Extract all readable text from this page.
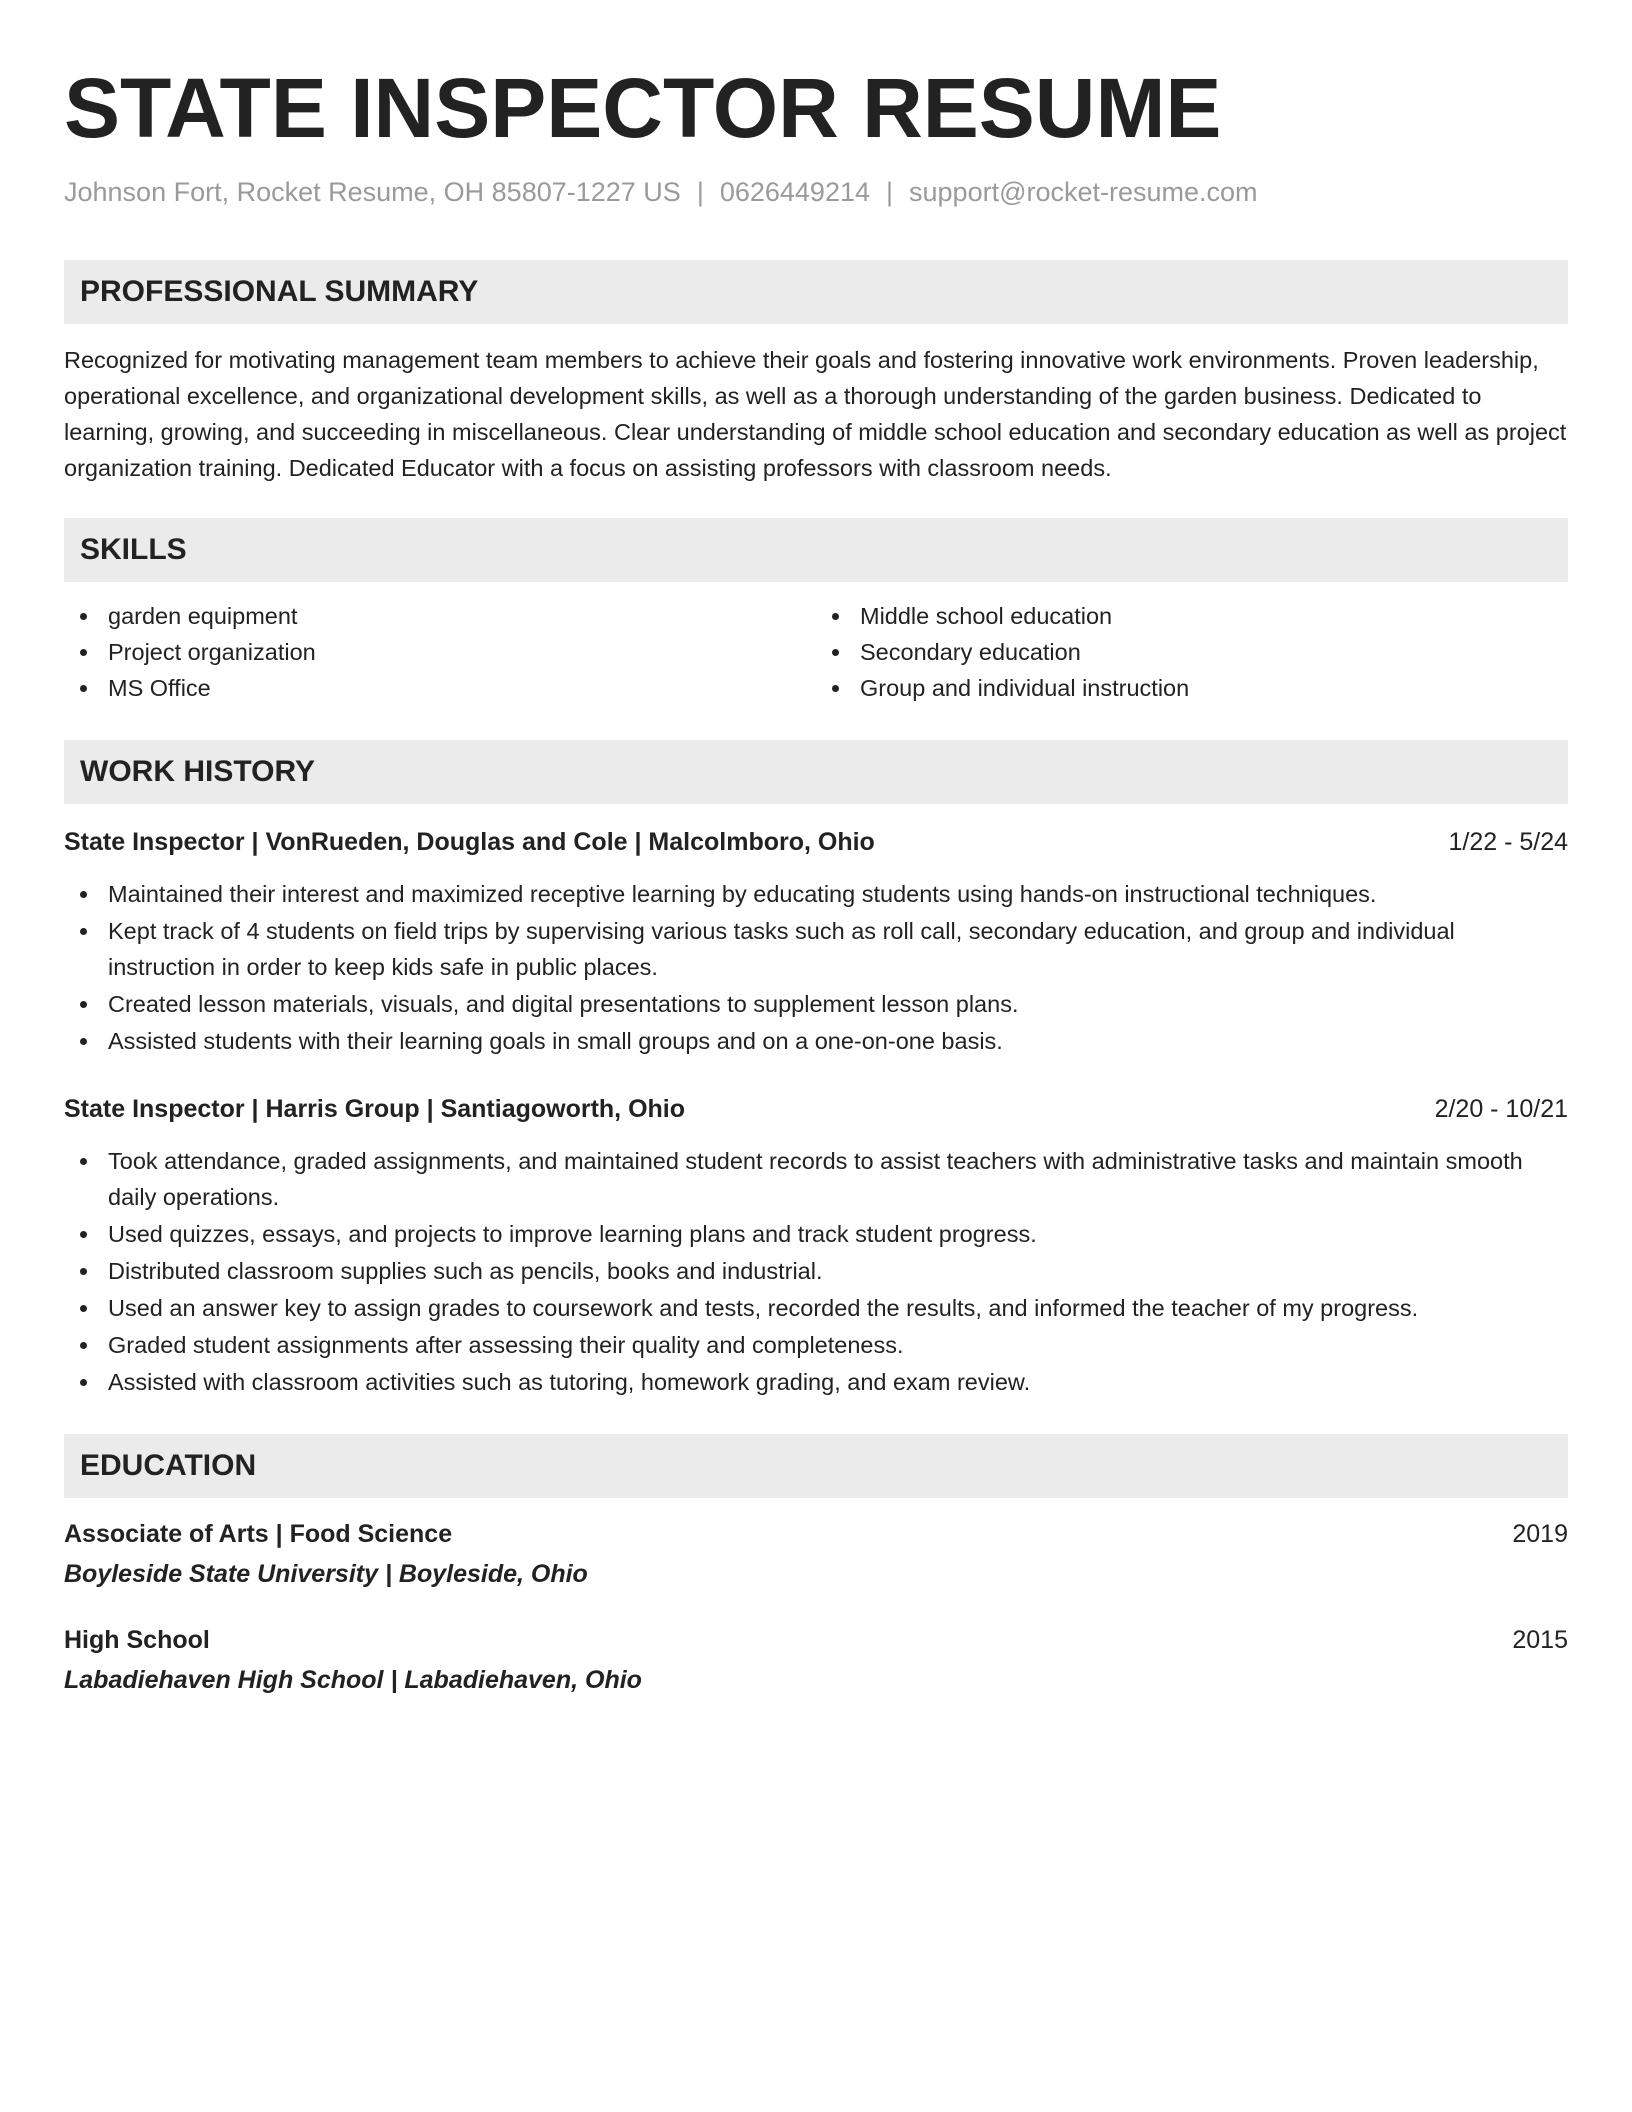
STATE INSPECTOR RESUME
Johnson Fort, Rocket Resume, OH 85807-1227 US | 0626449214 | support@rocket-resume.com
PROFESSIONAL SUMMARY
Recognized for motivating management team members to achieve their goals and fostering innovative work environments. Proven leadership, operational excellence, and organizational development skills, as well as a thorough understanding of the garden business. Dedicated to learning, growing, and succeeding in miscellaneous. Clear understanding of middle school education and secondary education as well as project organization training. Dedicated Educator with a focus on assisting professors with classroom needs.
SKILLS
garden equipment
Project organization
MS Office
Middle school education
Secondary education
Group and individual instruction
WORK HISTORY
State Inspector | VonRueden, Douglas and Cole | Malcolmboro, Ohio	1/22 - 5/24
Maintained their interest and maximized receptive learning by educating students using hands-on instructional techniques.
Kept track of 4 students on field trips by supervising various tasks such as roll call, secondary education, and group and individual instruction in order to keep kids safe in public places.
Created lesson materials, visuals, and digital presentations to supplement lesson plans.
Assisted students with their learning goals in small groups and on a one-on-one basis.
State Inspector | Harris Group | Santiagoworth, Ohio	2/20 - 10/21
Took attendance, graded assignments, and maintained student records to assist teachers with administrative tasks and maintain smooth daily operations.
Used quizzes, essays, and projects to improve learning plans and track student progress.
Distributed classroom supplies such as pencils, books and industrial.
Used an answer key to assign grades to coursework and tests, recorded the results, and informed the teacher of my progress.
Graded student assignments after assessing their quality and completeness.
Assisted with classroom activities such as tutoring, homework grading, and exam review.
EDUCATION
Associate of Arts | Food Science	2019
Boyleside State University | Boyleside, Ohio
High School	2015
Labadiehaven High School | Labadiehaven, Ohio
